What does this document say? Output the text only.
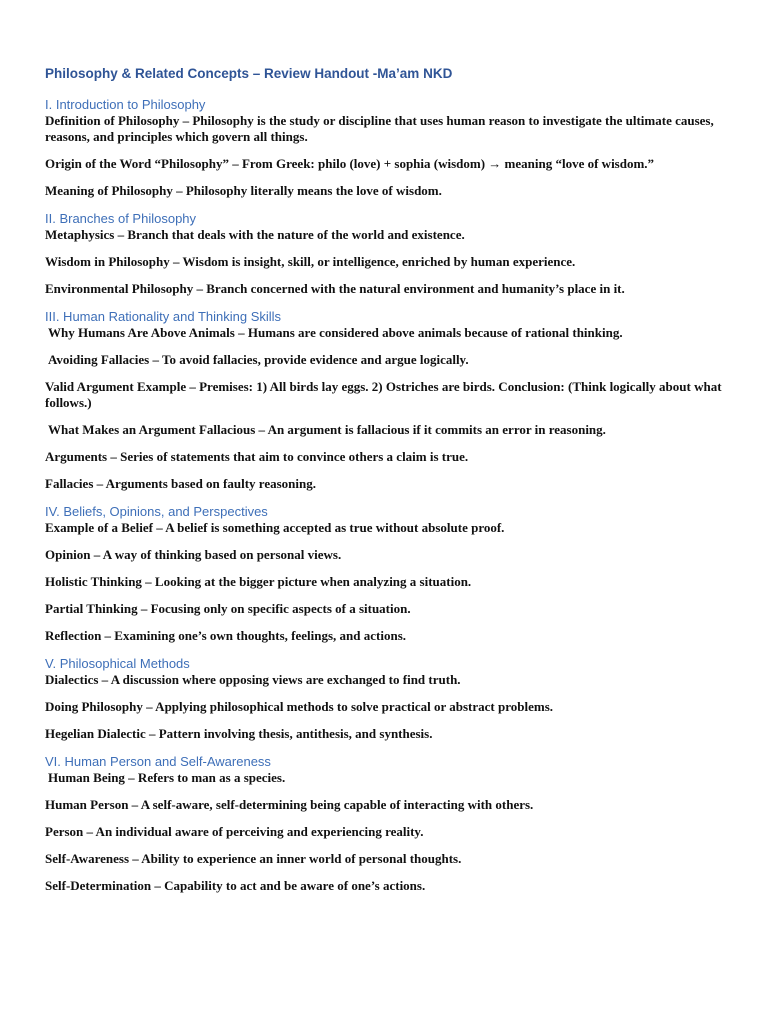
Philosophy & Related Concepts – Review Handout -Ma’am NKD
I. Introduction to Philosophy
Definition of Philosophy – Philosophy is the study or discipline that uses human reason to investigate the ultimate causes, reasons, and principles which govern all things.
Origin of the Word “Philosophy” – From Greek: philo (love) + sophia (wisdom) → meaning “love of wisdom.”
Meaning of Philosophy – Philosophy literally means the love of wisdom.
II. Branches of Philosophy
Metaphysics – Branch that deals with the nature of the world and existence.
Wisdom in Philosophy – Wisdom is insight, skill, or intelligence, enriched by human experience.
Environmental Philosophy – Branch concerned with the natural environment and humanity’s place in it.
III. Human Rationality and Thinking Skills
Why Humans Are Above Animals – Humans are considered above animals because of rational thinking.
Avoiding Fallacies – To avoid fallacies, provide evidence and argue logically.
Valid Argument Example – Premises: 1) All birds lay eggs. 2) Ostriches are birds. Conclusion: (Think logically about what follows.)
What Makes an Argument Fallacious – An argument is fallacious if it commits an error in reasoning.
Arguments – Series of statements that aim to convince others a claim is true.
Fallacies – Arguments based on faulty reasoning.
IV. Beliefs, Opinions, and Perspectives
Example of a Belief – A belief is something accepted as true without absolute proof.
Opinion – A way of thinking based on personal views.
Holistic Thinking – Looking at the bigger picture when analyzing a situation.
Partial Thinking – Focusing only on specific aspects of a situation.
Reflection – Examining one’s own thoughts, feelings, and actions.
V. Philosophical Methods
Dialectics – A discussion where opposing views are exchanged to find truth.
Doing Philosophy – Applying philosophical methods to solve practical or abstract problems.
Hegelian Dialectic – Pattern involving thesis, antithesis, and synthesis.
VI. Human Person and Self-Awareness
Human Being – Refers to man as a species.
Human Person – A self-aware, self-determining being capable of interacting with others.
Person – An individual aware of perceiving and experiencing reality.
Self-Awareness – Ability to experience an inner world of personal thoughts.
Self-Determination – Capability to act and be aware of one’s actions.
